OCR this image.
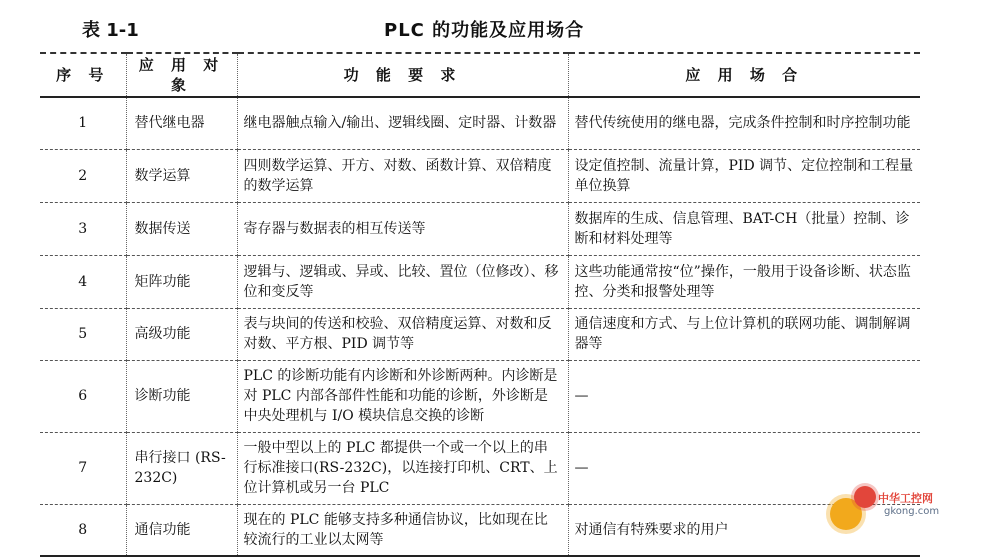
表 1-1	PLC 的功能及应用场合
序 号	应 用 对 象	功 能 要 求	应 用 场 合
1	替代继电器	继电器触点输入/输出、逻辑线圈、定时器、计数器	替代传统使用的继电器，完成条件控制和时序控制功能
2	数学运算	四则数学运算、开方、对数、函数计算、双倍精度的数学运算	设定值控制、流量计算，PID 调节、定位控制和工程量单位换算
3	数据传送	寄存器与数据表的相互传送等	数据库的生成、信息管理、BAT-CH（批量）控制、诊断和材料处理等
4	矩阵功能	逻辑与、逻辑或、异或、比较、置位（位修改）、移位和变反等	这些功能通常按“位”操作，一般用于设备诊断、状态监控、分类和报警处理等
5	高级功能	表与块间的传送和校验、双倍精度运算、对数和反对数、平方根、PID 调节等	通信速度和方式、与上位计算机的联网功能、调制解调器等
6	诊断功能	PLC 的诊断功能有内诊断和外诊断两种。内诊断是对 PLC 内部各部件性能和功能的诊断，外诊断是中央处理机与 I/O 模块信息交换的诊断	—
7	串行接口 (RS-232C)	一般中型以上的 PLC 都提供一个或一个以上的串行标准接口(RS-232C)，以连接打印机、CRT、上位计算机或另一台 PLC	—
8	通信功能	现在的 PLC 能够支持多种通信协议，比如现在比较流行的工业以太网等	对通信有特殊要求的用户
中华工控网
gkong.com
